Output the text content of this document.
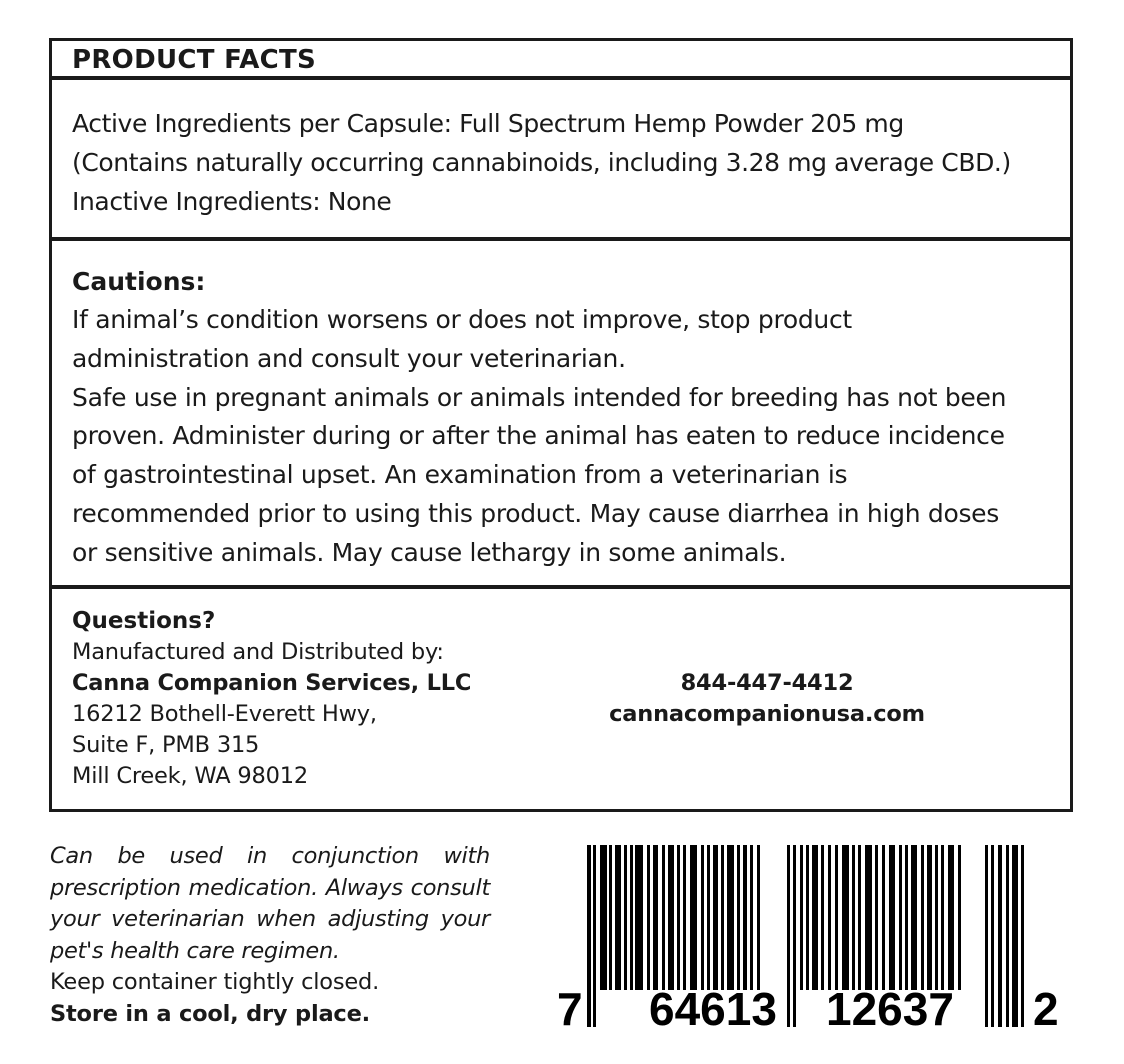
PRODUCT FACTS
Active Ingredients per Capsule: Full Spectrum Hemp Powder 205 mg
(Contains naturally occurring cannabinoids, including 3.28 mg average CBD.)
Inactive Ingredients: None
Cautions:
If animal’s condition worsens or does not improve, stop product
administration and consult your veterinarian.
Safe use in pregnant animals or animals intended for breeding has not been
proven. Administer during or after the animal has eaten to reduce incidence
of gastrointestinal upset. An examination from a veterinarian is
recommended prior to using this product. May cause diarrhea in high doses
or sensitive animals. May cause lethargy in some animals.
Questions?
Manufactured and Distributed by:
Canna Companion Services, LLC
16212 Bothell-Everett Hwy,
Suite F, PMB 315
Mill Creek, WA 98012
844-447-4412
cannacompanionusa.com
Can be used in conjunction with
prescription medication. Always consult
your veterinarian when adjusting your
pet's health care regimen.
Keep container tightly closed.
Store in a cool, dry place.	7 64613 12637 2
